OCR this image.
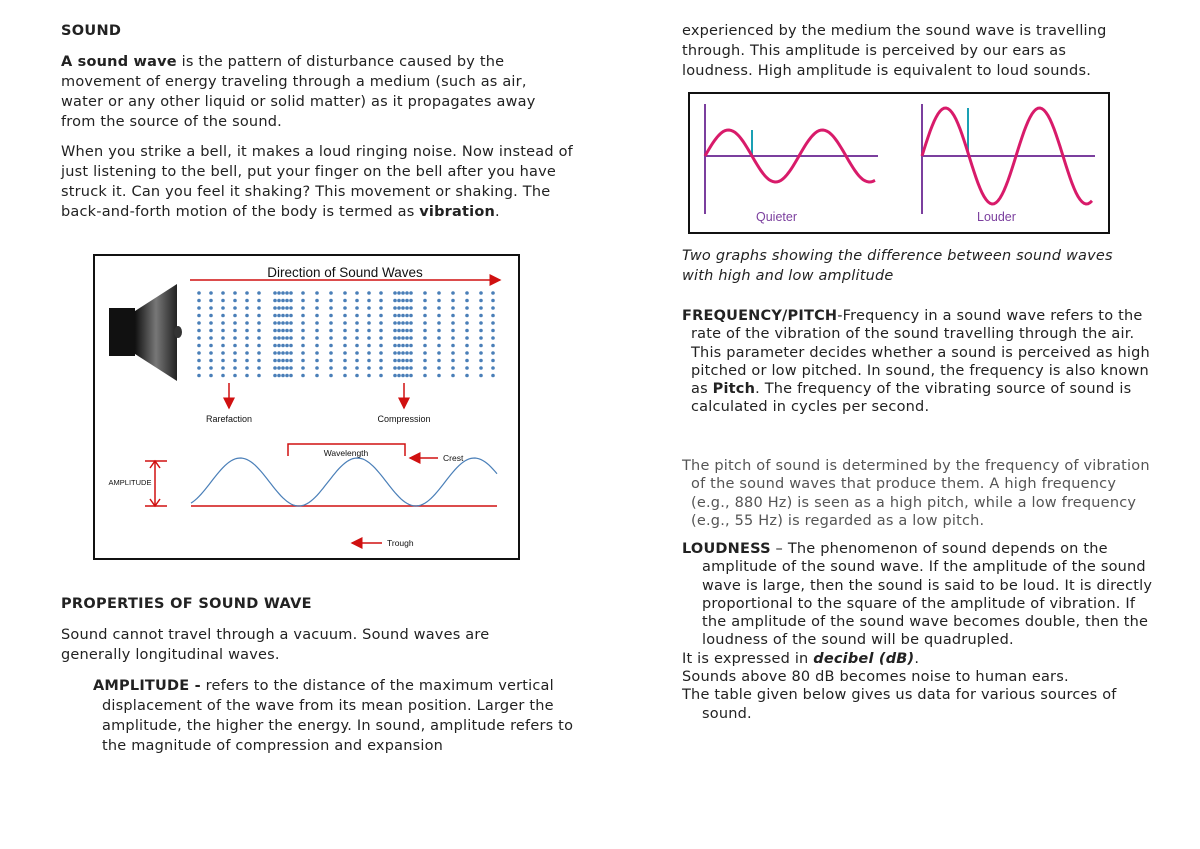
SOUND

A sound wave is the pattern of disturbance caused by the movement of energy traveling through a medium (such as air, water or any other liquid or solid matter) as it propagates away from the source of the sound.

When you strike a bell, it makes a loud ringing noise. Now instead of just listening to the bell, put your finger on the bell after you have struck it. Can you feel it shaking? This movement or shaking. The back-and-forth motion of the body is termed as vibration.

Direction of Sound Waves
Rarefaction	Compression
AMPLITUDE
Wavelength	Crest
Trough
PROPERTIES OF SOUND WAVE

Sound cannot travel through a vacuum. Sound waves are generally longitudinal waves.

AMPLITUDE - refers to the distance of the maximum vertical displacement of the wave from its mean position. Larger the amplitude, the higher the energy. In sound, amplitude refers to the magnitude of compression and expansion

experienced by the medium the sound wave is travelling through. This amplitude is perceived by our ears as loudness. High amplitude is equivalent to loud sounds.

Quieter	Louder

Two graphs showing the difference between sound waves with high and low amplitude

FREQUENCY/PITCH-Frequency in a sound wave refers to the rate of the vibration of the sound travelling through the air. This parameter decides whether a sound is perceived as high pitched or low pitched. In sound, the frequency is also known as Pitch. The frequency of the vibrating source of sound is calculated in cycles per second.

The pitch of sound is determined by the frequency of vibration of the sound waves that produce them. A high frequency (e.g., 880 Hz) is seen as a high pitch, while a low frequency (e.g., 55 Hz) is regarded as a low pitch.

LOUDNESS – The phenomenon of sound depends on the amplitude of the sound wave. If the amplitude of the sound wave is large, then the sound is said to be loud. It is directly proportional to the square of the amplitude of vibration. If the amplitude of the sound wave becomes double, then the loudness of the sound will be quadrupled.
It is expressed in decibel (dB).
Sounds above 80 dB becomes noise to human ears.
The table given below gives us data for various sources of sound.
